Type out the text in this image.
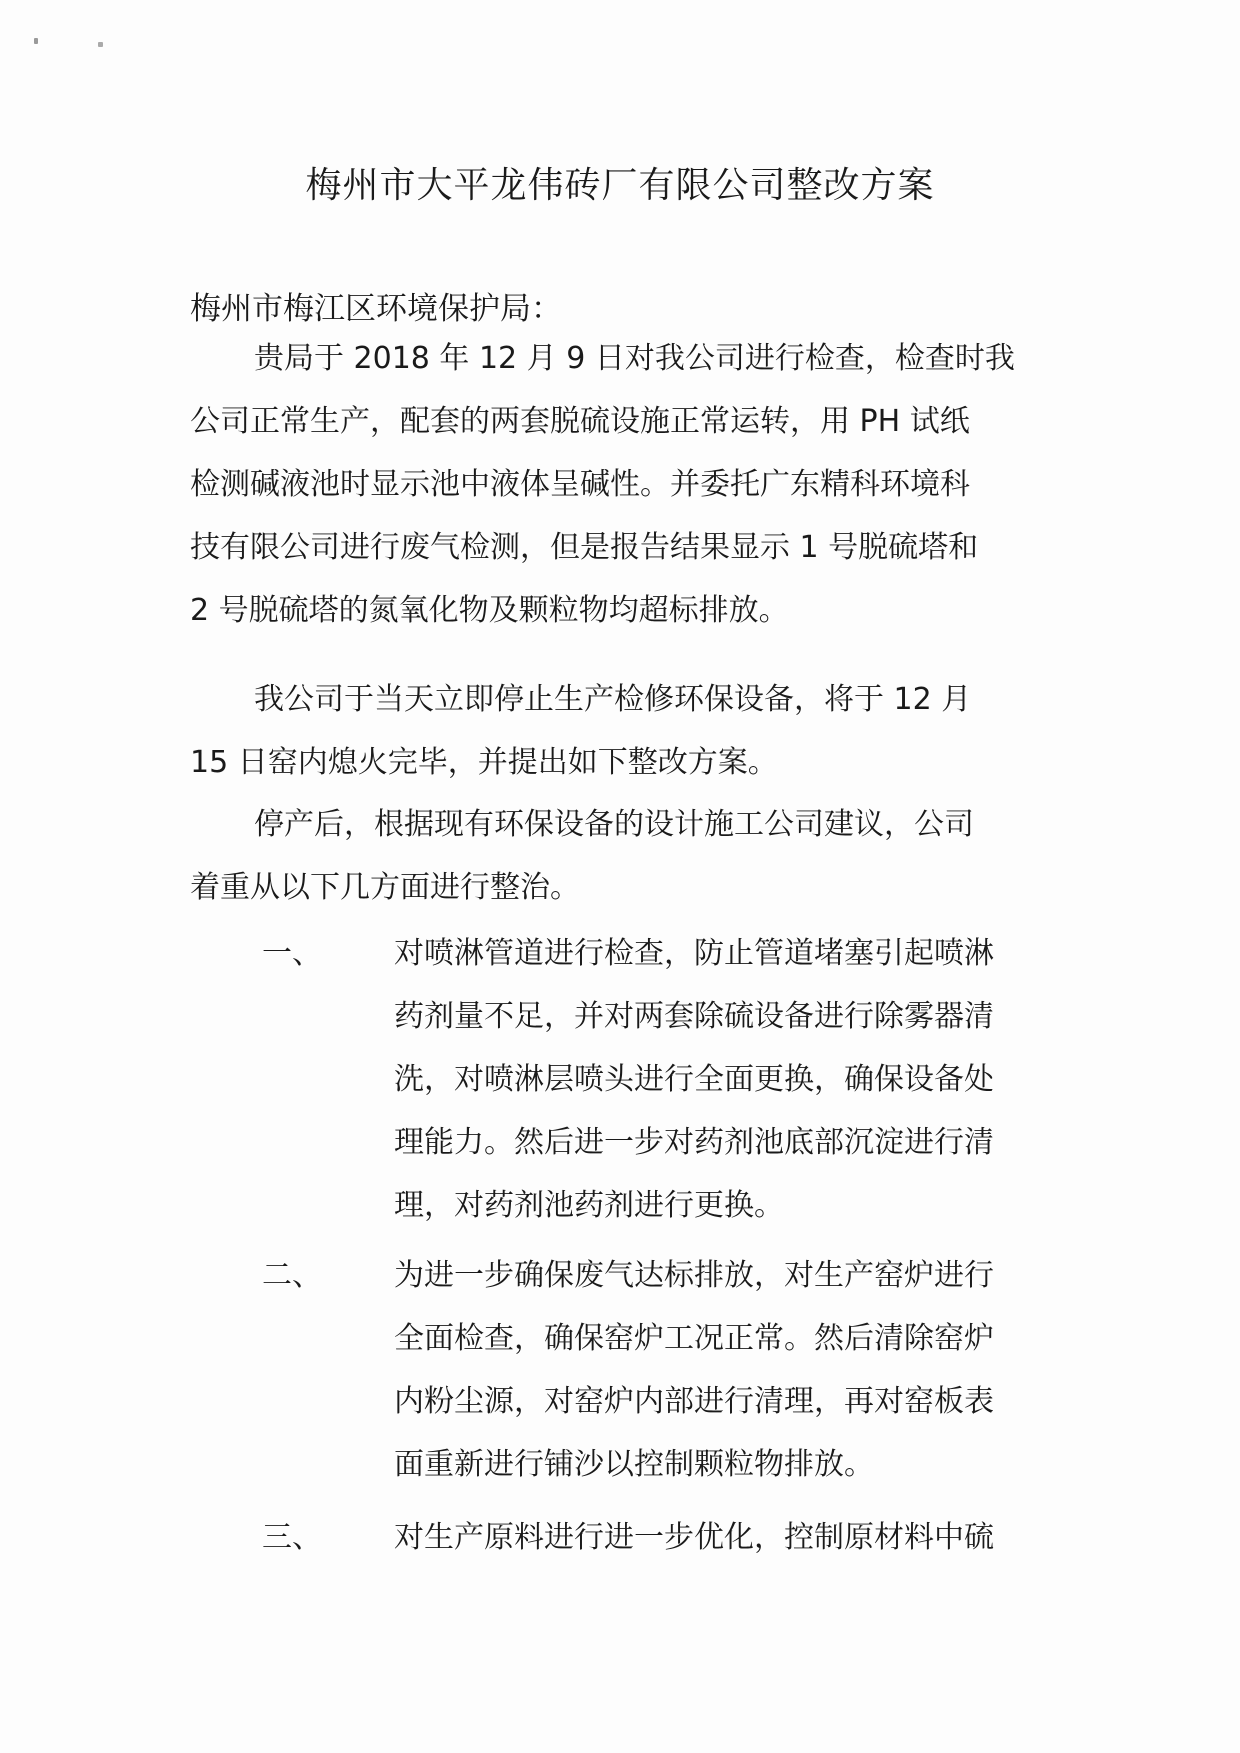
梅州市大平龙伟砖厂有限公司整改方案
梅州市梅江区环境保护局：
贵局于 2018 年 12 月 9 日对我公司进行检查，检查时我
公司正常生产，配套的两套脱硫设施正常运转，用 PH 试纸
检测碱液池时显示池中液体呈碱性。并委托广东精科环境科
技有限公司进行废气检测，但是报告结果显示 1 号脱硫塔和
2 号脱硫塔的氮氧化物及颗粒物均超标排放。
我公司于当天立即停止生产检修环保设备，将于 12 月
15 日窑内熄火完毕，并提出如下整改方案。
停产后，根据现有环保设备的设计施工公司建议，公司
着重从以下几方面进行整治。
一、 对喷淋管道进行检查，防止管道堵塞引起喷淋
药剂量不足，并对两套除硫设备进行除雾器清
洗，对喷淋层喷头进行全面更换，确保设备处
理能力。然后进一步对药剂池底部沉淀进行清
理，对药剂池药剂进行更换。
二、 为进一步确保废气达标排放，对生产窑炉进行
全面检查，确保窑炉工况正常。然后清除窑炉
内粉尘源，对窑炉内部进行清理，再对窑板表
面重新进行铺沙以控制颗粒物排放。
三、 对生产原料进行进一步优化，控制原材料中硫
